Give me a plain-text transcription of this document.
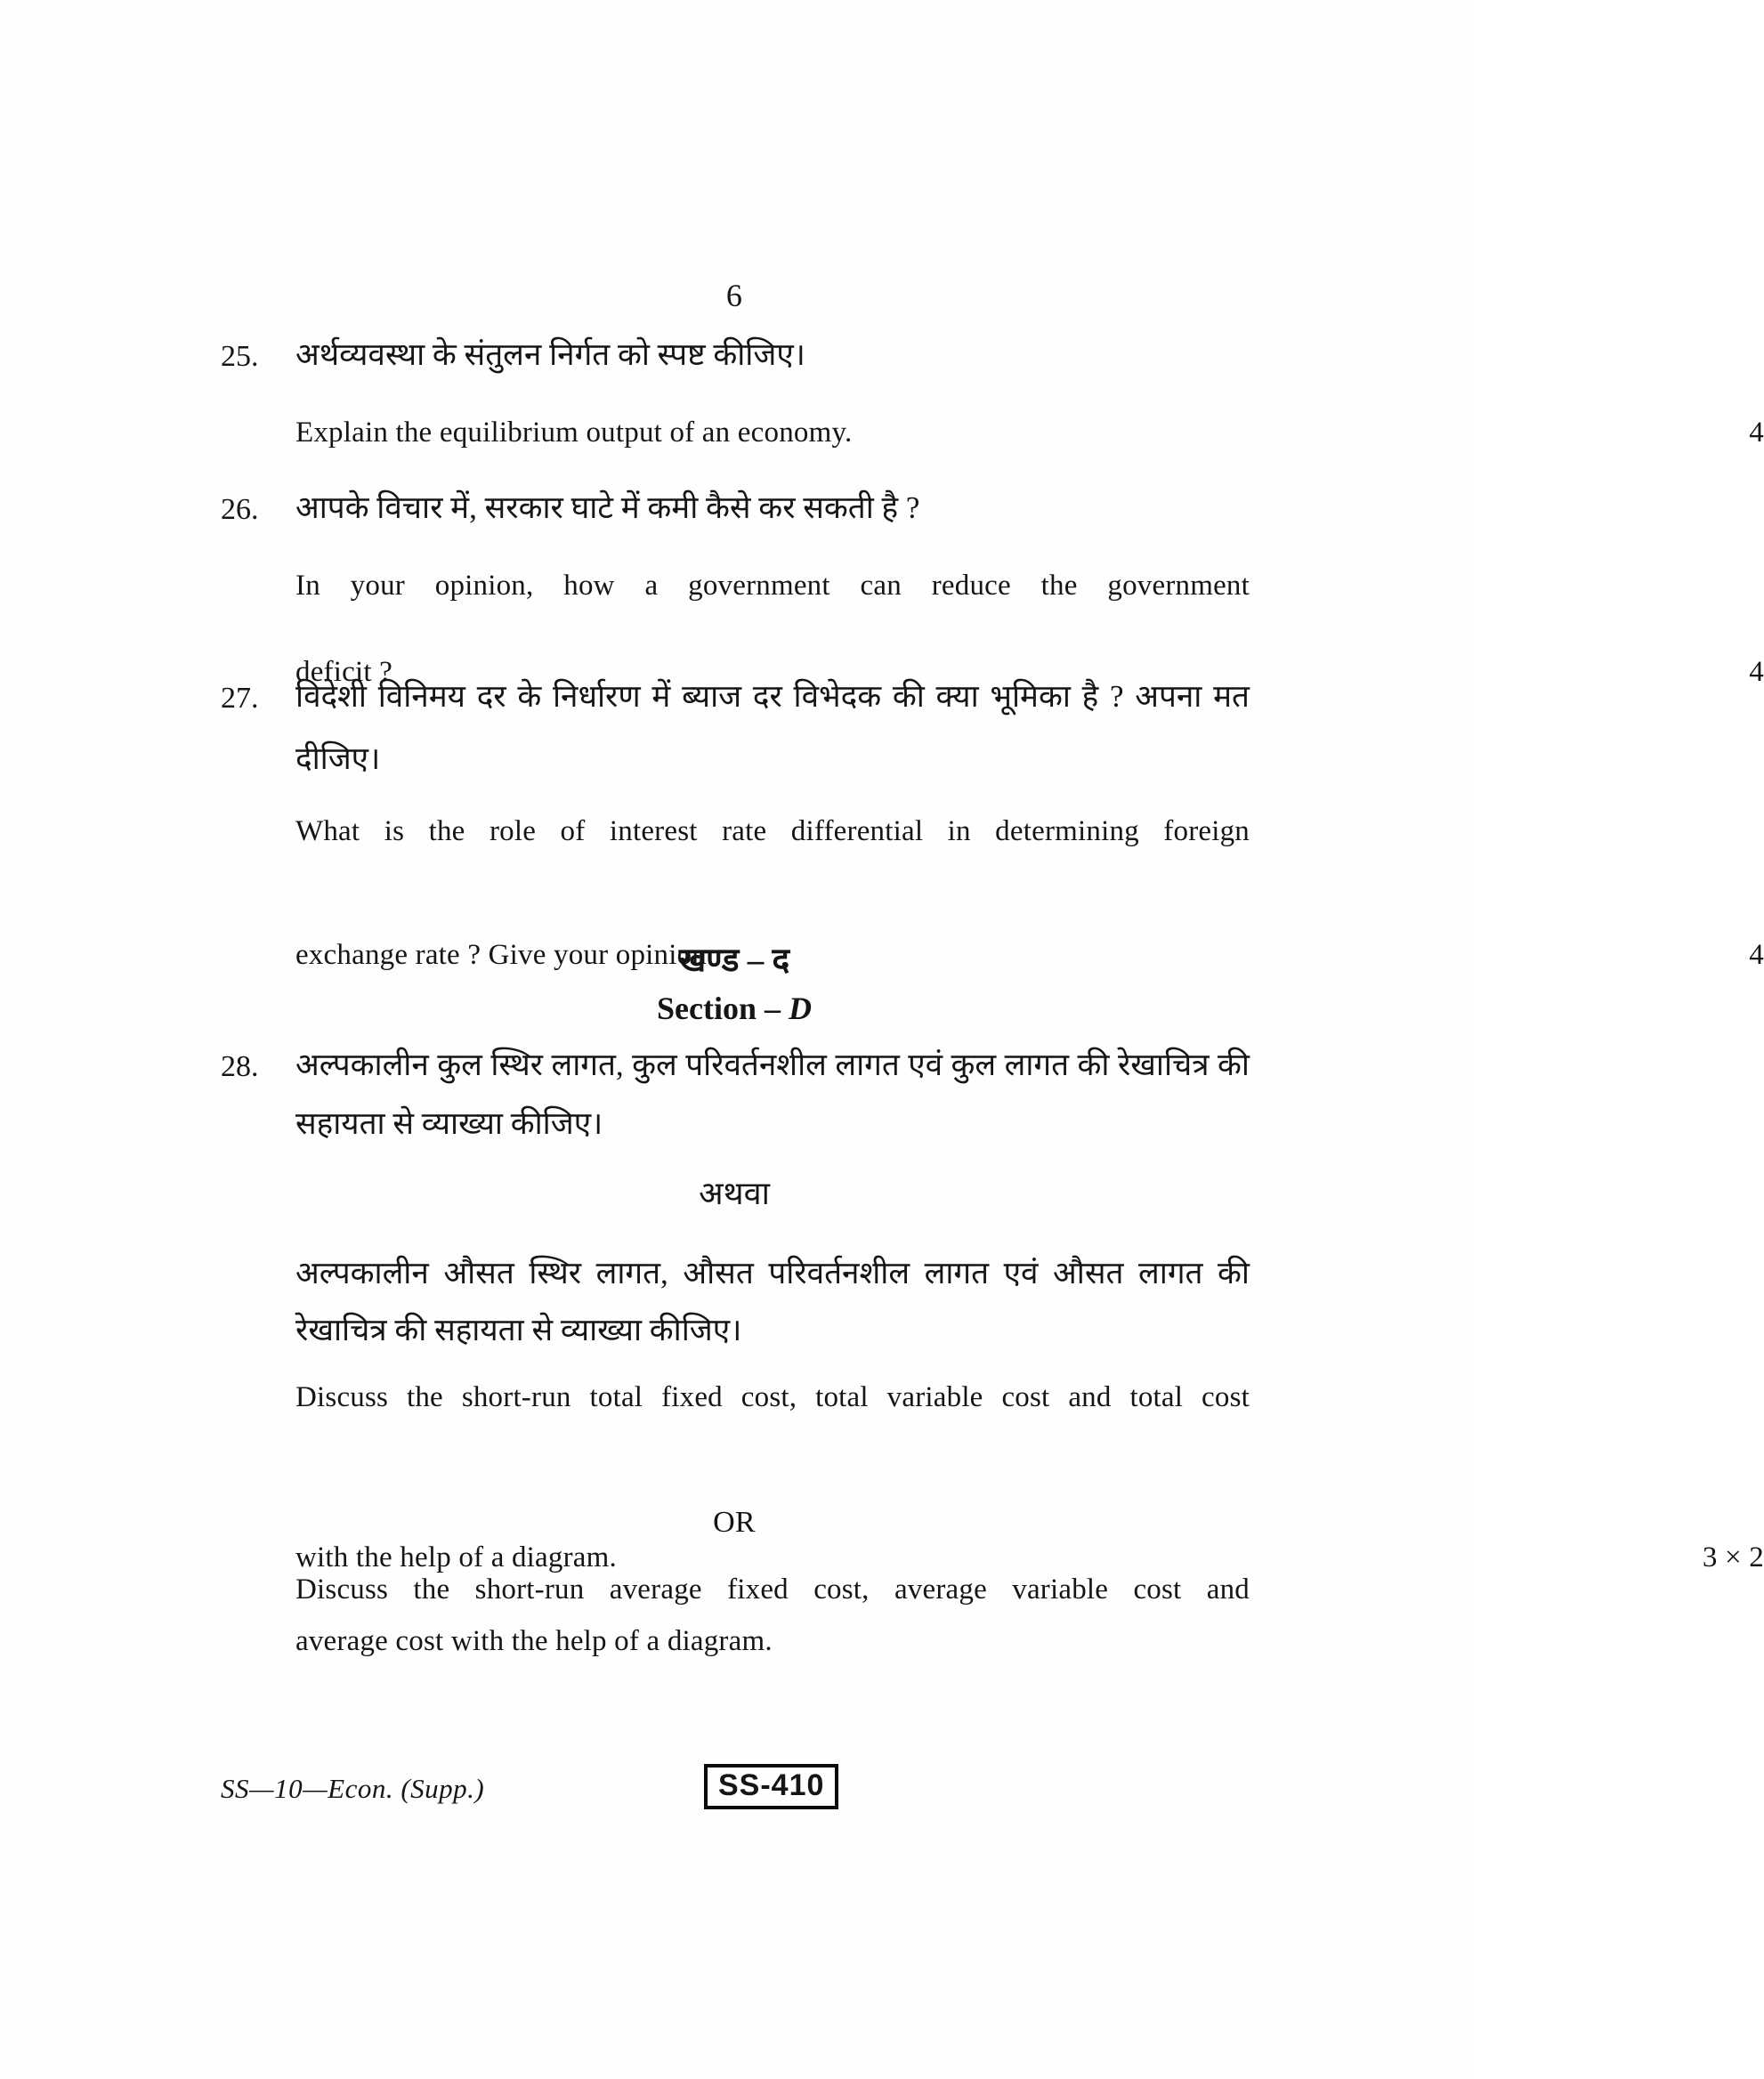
6
25. अर्थव्यवस्था के संतुलन निर्गत को स्पष्ट कीजिए।
Explain the equilibrium output of an economy.	4
26. आपके विचार में, सरकार घाटे में कमी कैसे कर सकती है ?
In your opinion, how a government can reduce the government
deficit ?	4
27. विदेशी विनिमय दर के निर्धारण में ब्याज दर विभेदक की क्या भूमिका है ? अपना मत
दीजिए।
What is the role of interest rate differential in determining foreign
exchange rate ? Give your opinion.	4
खण्ड – द
Section – D
28. अल्पकालीन कुल स्थिर लागत, कुल परिवर्तनशील लागत एवं कुल लागत की रेखाचित्र की
सहायता से व्याख्या कीजिए।
अथवा
अल्पकालीन औसत स्थिर लागत, औसत परिवर्तनशील लागत एवं औसत लागत की
रेखाचित्र की सहायता से व्याख्या कीजिए।
Discuss the short-run total fixed cost, total variable cost and total cost
with the help of a diagram.	3 × 2
OR
Discuss the short-run average fixed cost, average variable cost and
average cost with the help of a diagram.
SS—10—Econ. (Supp.)	SS-410
